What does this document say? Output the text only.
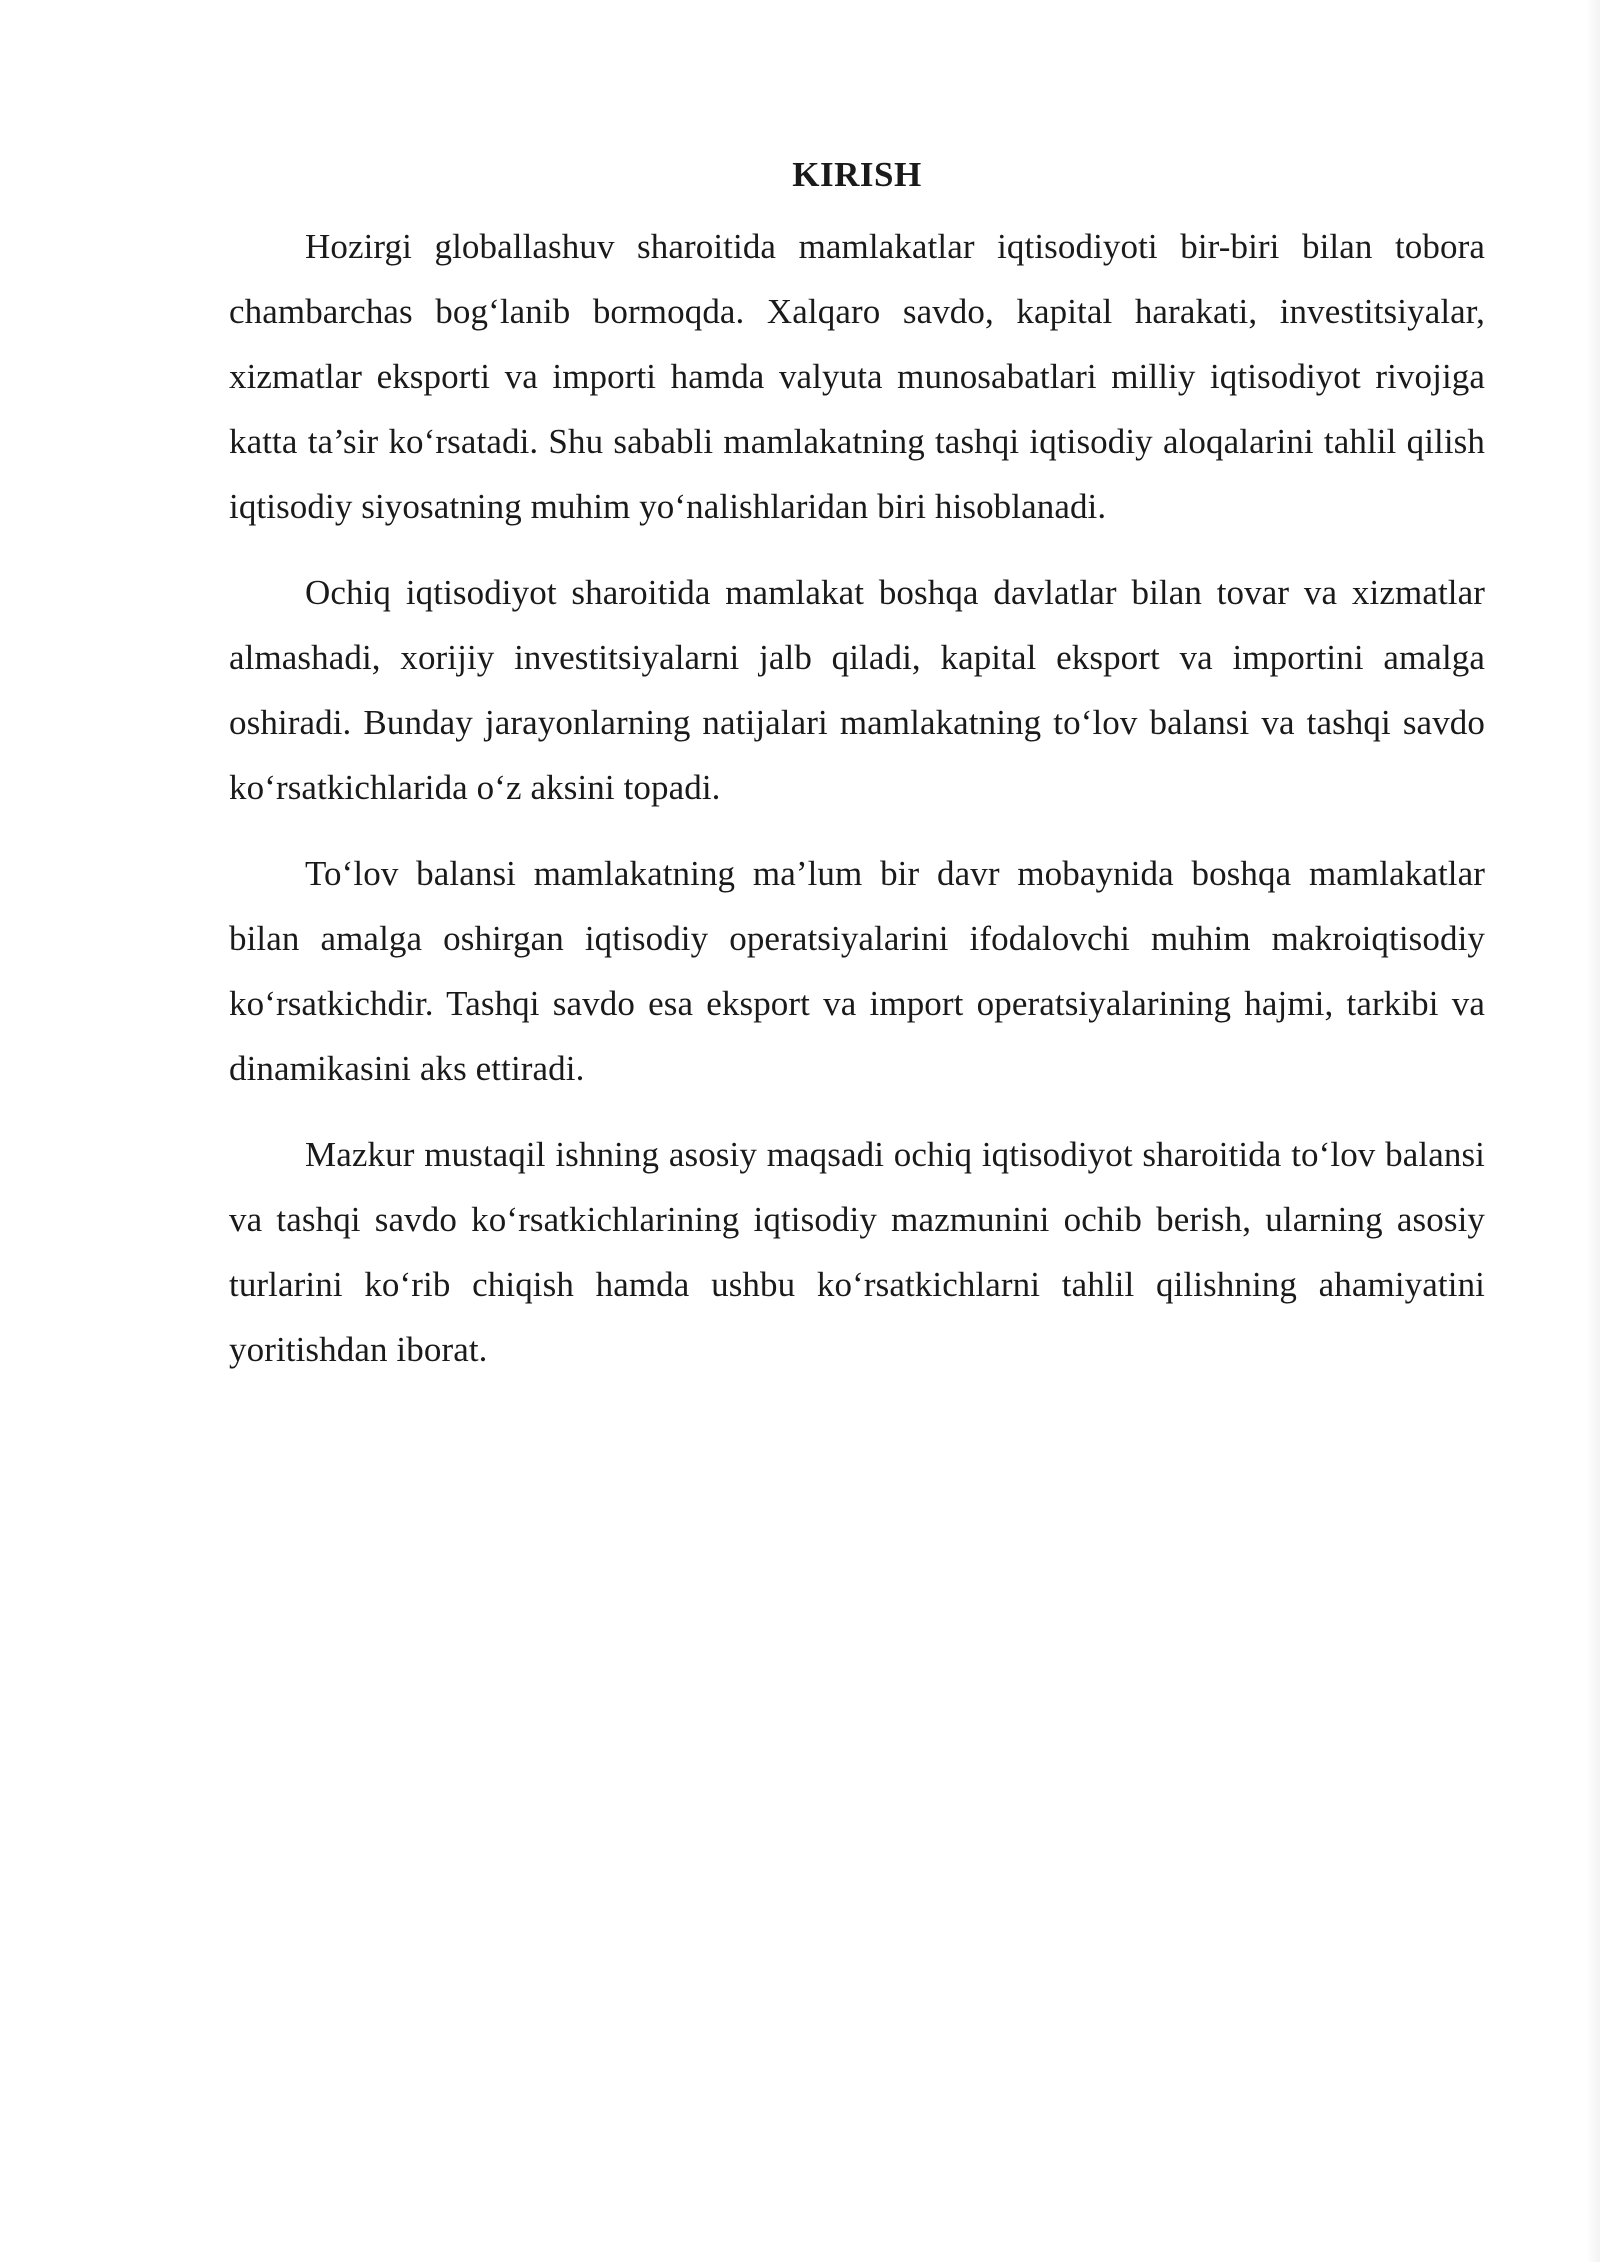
KIRISH

Hozirgi globallashuv sharoitida mamlakatlar iqtisodiyoti bir-biri bilan tobora chambarchas bog‘lanib bormoqda. Xalqaro savdo, kapital harakati, investitsiyalar, xizmatlar eksporti va importi hamda valyuta munosabatlari milliy iqtisodiyot rivojiga katta ta’sir ko‘rsatadi. Shu sababli mamlakatning tashqi iqtisodiy aloqalarini tahlil qilish iqtisodiy siyosatning muhim yo‘nalishlaridan biri hisoblanadi.

Ochiq iqtisodiyot sharoitida mamlakat boshqa davlatlar bilan tovar va xizmatlar almashadi, xorijiy investitsiyalarni jalb qiladi, kapital eksport va importini amalga oshiradi. Bunday jarayonlarning natijalari mamlakatning to‘lov balansi va tashqi savdo ko‘rsatkichlarida o‘z aksini topadi.

To‘lov balansi mamlakatning ma’lum bir davr mobaynida boshqa mamlakatlar bilan amalga oshirgan iqtisodiy operatsiyalarini ifodalovchi muhim makroiqtisodiy ko‘rsatkichdir. Tashqi savdo esa eksport va import operatsiyalarining hajmi, tarkibi va dinamikasini aks ettiradi.

Mazkur mustaqil ishning asosiy maqsadi ochiq iqtisodiyot sharoitida to‘lov balansi va tashqi savdo ko‘rsatkichlarining iqtisodiy mazmunini ochib berish, ularning asosiy turlarini ko‘rib chiqish hamda ushbu ko‘rsatkichlarni tahlil qilishning ahamiyatini yoritishdan iborat.
